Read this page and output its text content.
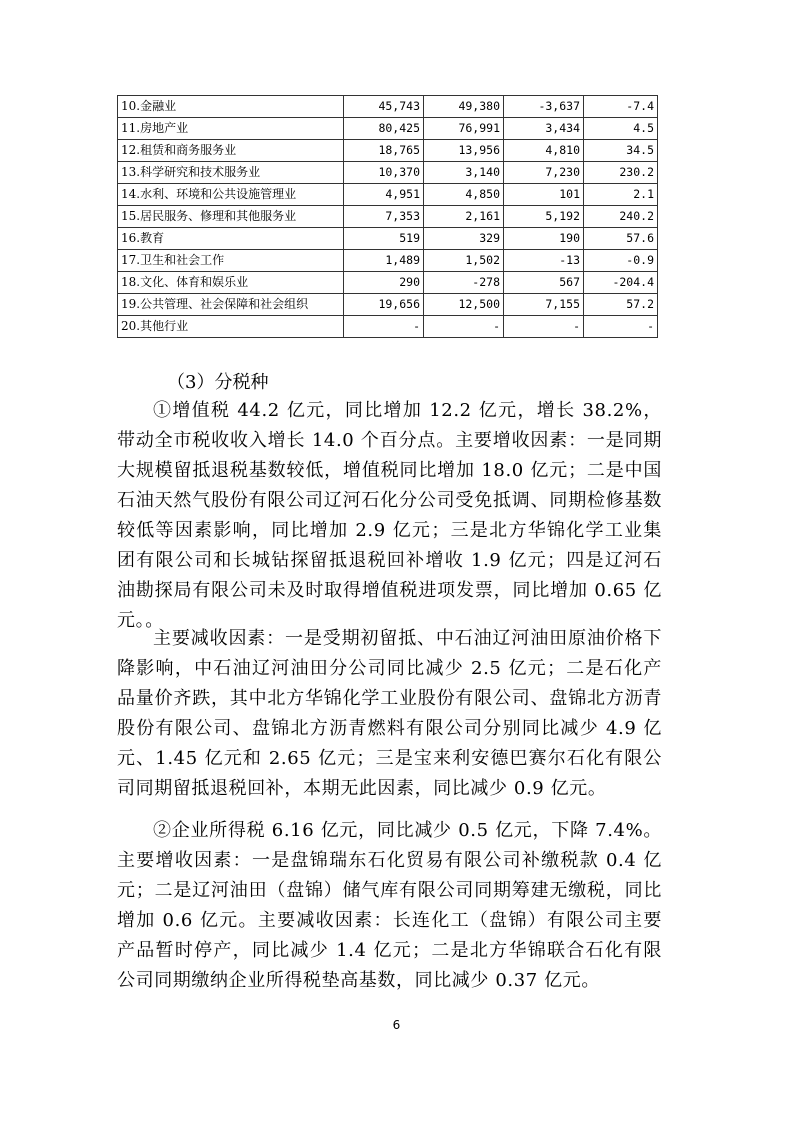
10.金融业	45,743	49,380	-3,637	-7.4
11.房地产业	80,425	76,991	3,434	4.5
12.租赁和商务服务业	18,765	13,956	4,810	34.5
13.科学研究和技术服务业	10,370	3,140	7,230	230.2
14.水利、环境和公共设施管理业	4,951	4,850	101	2.1
15.居民服务、修理和其他服务业	7,353	2,161	5,192	240.2
16.教育	519	329	190	57.6
17.卫生和社会工作	1,489	1,502	-13	-0.9
18.文化、体育和娱乐业	290	-278	567	-204.4
19.公共管理、社会保障和社会组织	19,656	12,500	7,155	57.2
20.其他行业	-	-	-	-
（3）分税种
①增值税 44.2 亿元，同比增加 12.2 亿元，增长 38.2%，带动全市税收收入增长 14.0 个百分点。主要增收因素：一是同期大规模留抵退税基数较低，增值税同比增加 18.0 亿元；二是中国石油天然气股份有限公司辽河石化分公司受免抵调、同期检修基数较低等因素影响，同比增加 2.9 亿元；三是北方华锦化学工业集团有限公司和长城钻探留抵退税回补增收 1.9 亿元；四是辽河石油勘探局有限公司未及时取得增值税进项发票，同比增加 0.65 亿元。。
主要减收因素：一是受期初留抵、中石油辽河油田原油价格下降影响，中石油辽河油田分公司同比减少 2.5 亿元；二是石化产品量价齐跌，其中北方华锦化学工业股份有限公司、盘锦北方沥青股份有限公司、盘锦北方沥青燃料有限公司分别同比减少 4.9 亿元、1.45 亿元和 2.65 亿元；三是宝来利安德巴赛尔石化有限公司同期留抵退税回补，本期无此因素，同比减少 0.9 亿元。
②企业所得税 6.16 亿元，同比减少 0.5 亿元，下降 7.4%。主要增收因素：一是盘锦瑞东石化贸易有限公司补缴税款 0.4 亿元；二是辽河油田（盘锦）储气库有限公司同期筹建无缴税，同比增加 0.6 亿元。主要减收因素：长连化工（盘锦）有限公司主要产品暂时停产，同比减少 1.4 亿元；二是北方华锦联合石化有限公司同期缴纳企业所得税垫高基数，同比减少 0.37 亿元。
6
